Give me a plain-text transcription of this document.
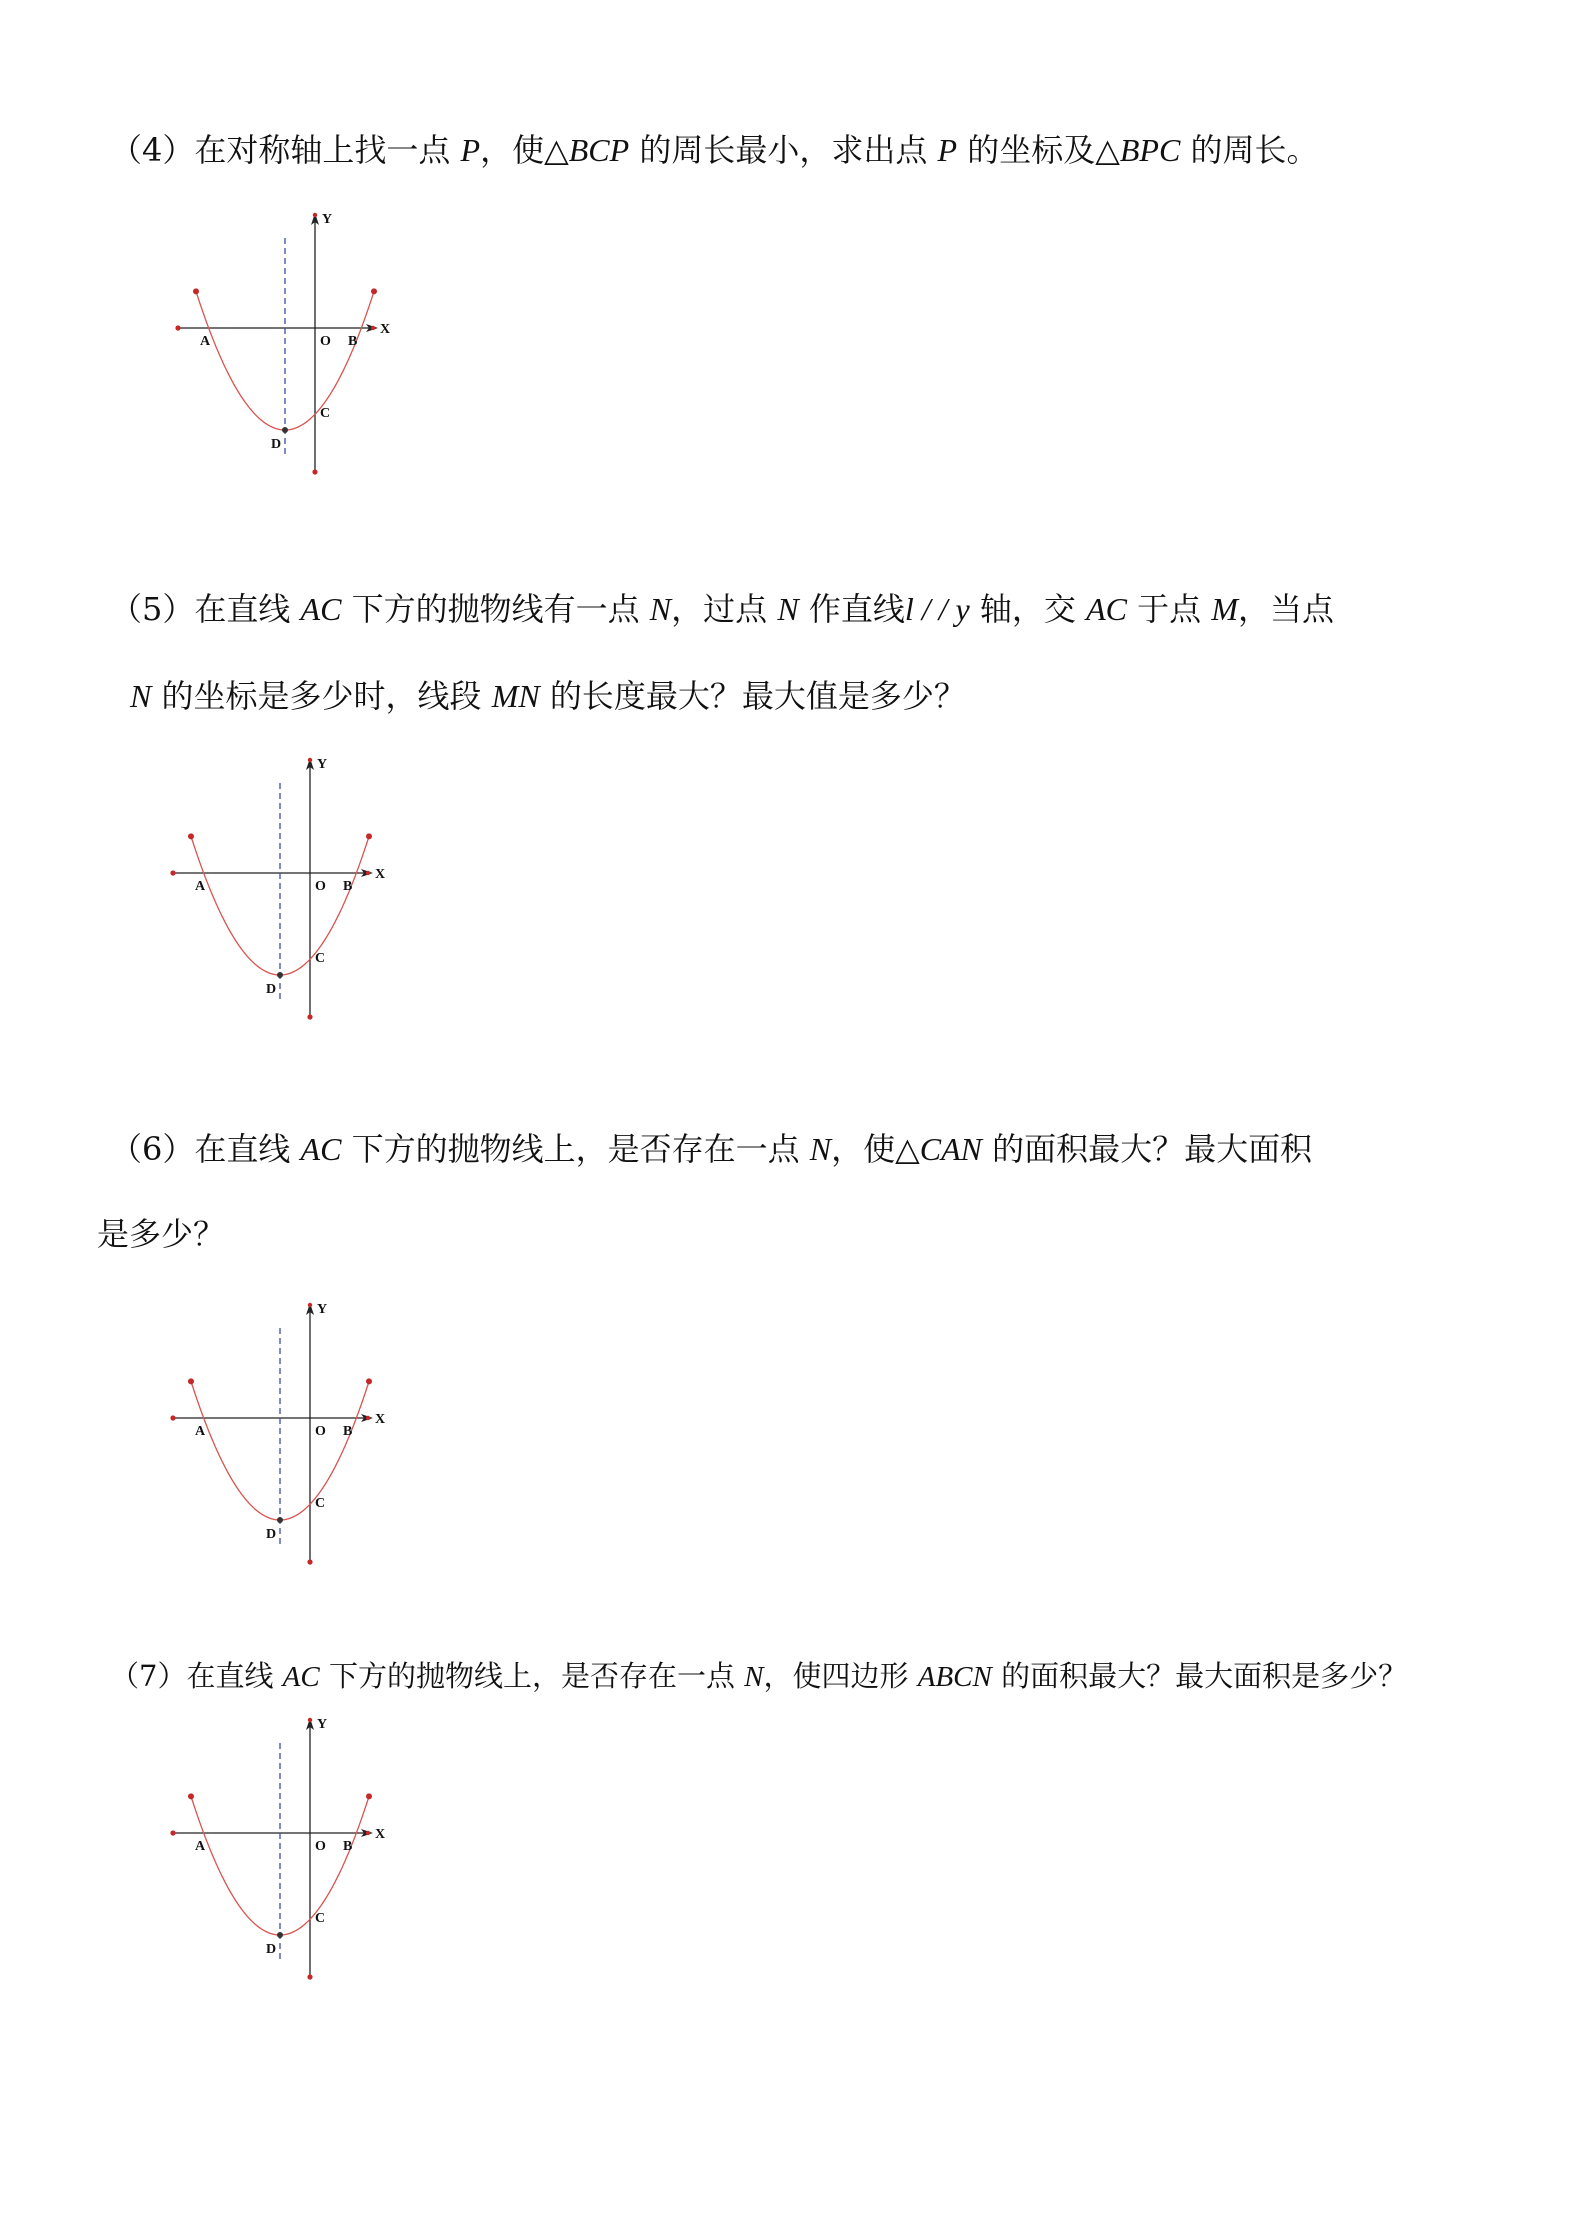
（4）在对称轴上找一点 P，使△BCP 的周长最小，求出点 P 的坐标及△BPC 的周长。
Y
X
A	O B
C
D
（5）在直线 AC 下方的抛物线有一点 N，过点 N 作直线l / / y 轴，交 AC 于点 M，当点
N 的坐标是多少时，线段 MN 的长度最大？最大值是多少？
Y
X
A	O B
C
D
（6）在直线 AC 下方的抛物线上，是否存在一点 N，使△CAN 的面积最大？最大面积
是多少？
Y
X
A	O B
C
D
（7）在直线 AC 下方的抛物线上，是否存在一点 N，使四边形 ABCN 的面积最大？最大面积是多少？
Y
X
A	O B
C
D
